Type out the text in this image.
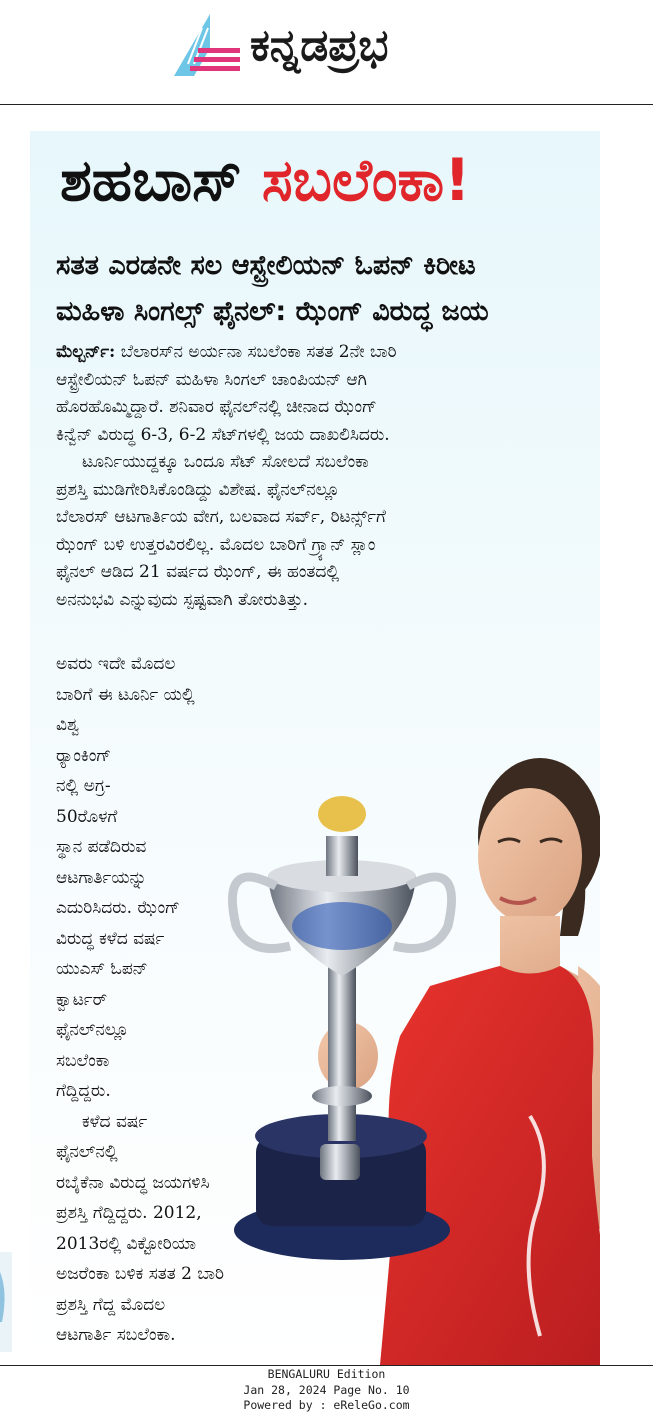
ಕನ್ನಡಪ್ರಭ
ಶಹಬಾಸ್ ಸಬಲೆಂಕಾ!
ಸತತ ಎರಡನೇ ಸಲ ಆಸ್ಟ್ರೇಲಿಯನ್ ಓಪನ್ ಕಿರೀಟ
ಮಹಿಳಾ ಸಿಂಗಲ್ಸ್ ಫೈನಲ್: ಝೆಂಗ್ ವಿರುದ್ಧ ಜಯ

ಮೆಲ್ಬರ್ನ್: ಬೆಲಾರಸ್‌ನ ಅರ್ಯನಾ ಸಬಲೆಂಕಾ ಸತತ 2ನೇ ಬಾರಿ

ಆಸ್ಟ್ರೇಲಿಯನ್ ಓಪನ್ ಮಹಿಳಾ ಸಿಂಗಲ್ ಚಾಂಪಿಯನ್ ಆಗಿ

ಹೊರಹೊಮ್ಮಿದ್ದಾರೆ. ಶನಿವಾರ ಫೈನಲ್‌ನಲ್ಲಿ ಚೀನಾದ ಝೆಂಗ್

ಕಿನ್ವೆನ್ ವಿರುದ್ಧ 6-3, 6-2 ಸೆಟ್‌ಗಳಲ್ಲಿ ಜಯ ದಾಖಲಿಸಿದರು.

ಟೂರ್ನಿಯುದ್ದಕ್ಕೂ ಒಂದೂ ಸೆಟ್ ಸೋಲದೆ ಸಬಲೆಂಕಾ

ಪ್ರಶಸ್ತಿ ಮುಡಿಗೇರಿಸಿಕೊಂಡಿದ್ದು ವಿಶೇಷ. ಫೈನಲ್‌ನಲ್ಲೂ

ಬೆಲಾರಸ್ ಆಟಗಾರ್ತಿಯ ವೇಗ, ಬಲವಾದ ಸರ್ವ್, ರಿಟರ್ನ್ಸ್‌ಗೆ

ಝೆಂಗ್ ಬಳಿ ಉತ್ತರವಿರಲಿಲ್ಲ. ಮೊದಲ ಬಾರಿಗೆ ಗ್ರ್ಯಾನ್ ಸ್ಲಾಂ

ಫೈನಲ್ ಆಡಿದ 21 ವರ್ಷದ ಝೆಂಗ್, ಈ ಹಂತದಲ್ಲಿ

ಅನನುಭವಿ ಎನ್ನುವುದು ಸ್ಪಷ್ಟವಾಗಿ ತೋರುತಿತ್ತು.

ಅವರು ಇದೇ ಮೊದಲ
ಬಾರಿಗೆ ಈ ಟೂರ್ನಿ ಯಲ್ಲಿ
ವಿಶ್ವ
ರ್‍ಯಾಂಕಿಂಗ್
ನಲ್ಲಿ ಅಗ್ರ-
50ರೊಳಗೆ
ಸ್ಥಾನ ಪಡೆದಿರುವ
ಆಟಗಾರ್ತಿಯನ್ನು
ಎದುರಿಸಿದರು. ಝೆಂಗ್
ವಿರುದ್ಧ ಕಳೆದ ವರ್ಷ
ಯುಎಸ್ ಓಪನ್
ಕ್ವಾರ್ಟರ್
ಫೈನಲ್‌ನಲ್ಲೂ
ಸಬಲೆಂಕಾ
ಗೆದ್ದಿದ್ದರು.
ಕಳೆದ ವರ್ಷ
ಫೈನಲ್‌ನಲ್ಲಿ
ರಬೈಕೆನಾ ವಿರುದ್ಧ ಜಯಗಳಿಸಿ
ಪ್ರಶಸ್ತಿ ಗೆದ್ದಿದ್ದರು. 2012,
2013ರಲ್ಲಿ ವಿಕ್ಟೋರಿಯಾ
ಅಜರೆಂಕಾ ಬಳಿಕ ಸತತ 2 ಬಾರಿ
ಪ್ರಶಸ್ತಿ ಗೆದ್ದ ಮೊದಲ
ಆಟಗಾರ್ತಿ ಸಬಲೆಂಕಾ.
BENGALURU Edition
Jan 28, 2024 Page No. 10
Powered by : eReleGo.com
